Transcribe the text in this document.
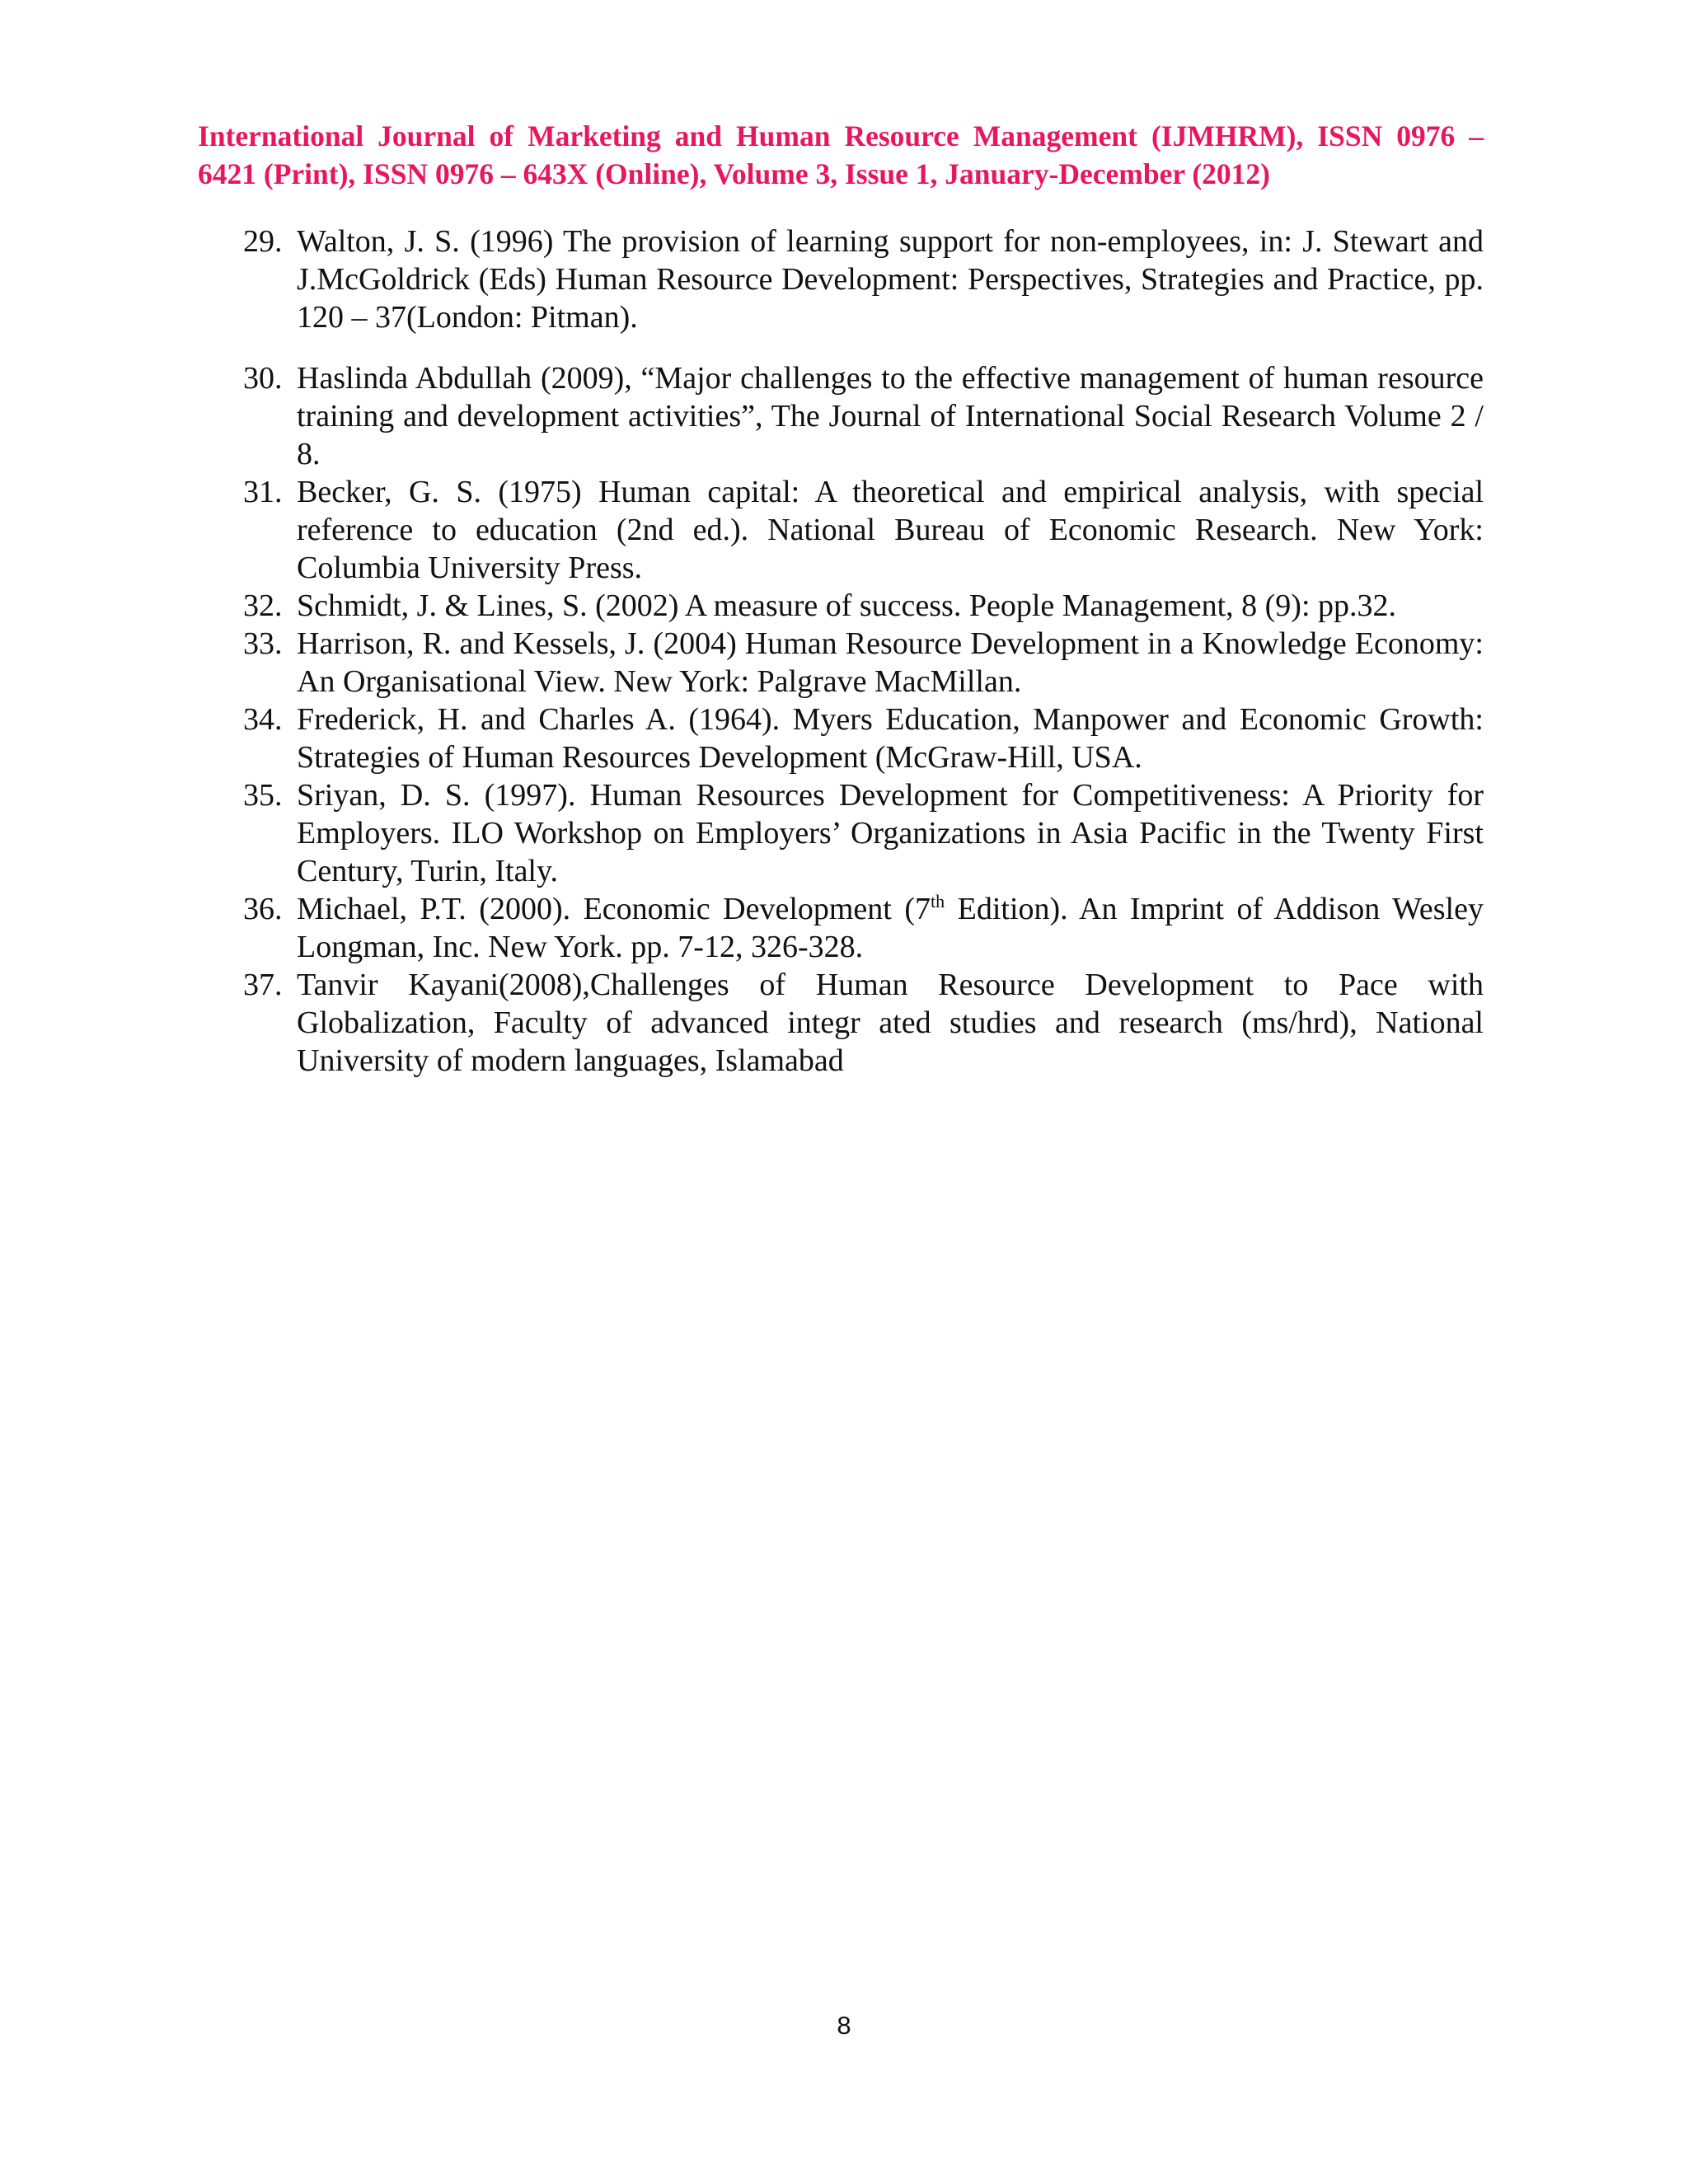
International Journal of Marketing and Human Resource Management (IJMHRM), ISSN 0976 –
6421 (Print), ISSN 0976 – 643X (Online), Volume 3, Issue 1, January-December (2012)
29. Walton, J. S. (1996) The provision of learning support for non-employees, in: J. Stewart and J.McGoldrick (Eds) Human Resource Development: Perspectives, Strategies and Practice, pp. 120 – 37(London: Pitman).
30. Haslinda Abdullah (2009), “Major challenges to the effective management of human resource training and development activities”, The Journal of International Social Research Volume 2 / 8.
31. Becker, G. S. (1975) Human capital: A theoretical and empirical analysis, with special reference to education (2nd ed.). National Bureau of Economic Research. New York: Columbia University Press.
32. Schmidt, J. & Lines, S. (2002) A measure of success. People Management, 8 (9): pp.32.
33. Harrison, R. and Kessels, J. (2004) Human Resource Development in a Knowledge Economy: An Organisational View. New York: Palgrave MacMillan.
34. Frederick, H. and Charles A. (1964). Myers Education, Manpower and Economic Growth: Strategies of Human Resources Development (McGraw-Hill, USA.
35. Sriyan, D. S. (1997). Human Resources Development for Competitiveness: A Priority for Employers. ILO Workshop on Employers’ Organizations in Asia Pacific in the Twenty First Century, Turin, Italy.
36. Michael, P.T. (2000). Economic Development (7th Edition). An Imprint of Addison Wesley Longman, Inc. New York. pp. 7-12, 326-328.
37. Tanvir Kayani(2008),Challenges of Human Resource Development to Pace with Globalization, Faculty of advanced integr ated studies and research (ms/hrd), National University of modern languages, Islamabad
8
